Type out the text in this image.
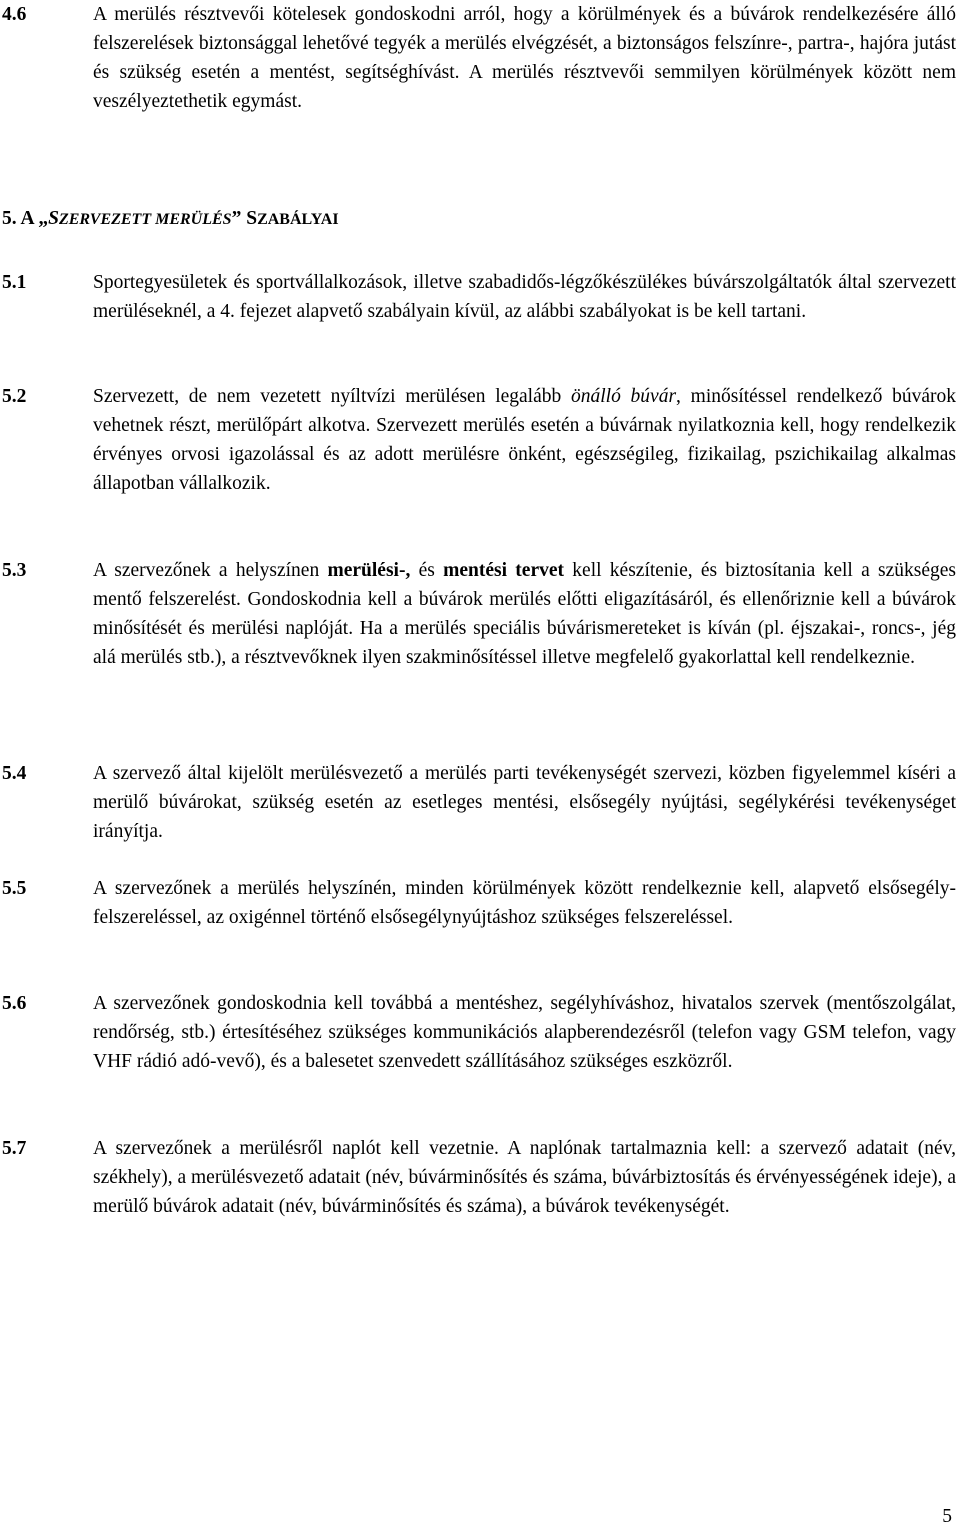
4.6	A merülés résztvevői kötelesek gondoskodni arról, hogy a körülmények és a búvárok rendelkezésére álló felszerelések biztonsággal lehetővé tegyék a merülés elvégzését, a biztonságos felszínre-, partra-, hajóra jutást és szükség esetén a mentést, segítséghívást. A merülés résztvevői semmilyen körülmények között nem veszélyeztethetik egymást.
5. A „SZERVEZETT MERÜLÉS” SZABÁLYAI
5.1	Sportegyesületek és sportvállalkozások, illetve szabadidős-légzőkészülékes búvárszolgáltatók által szervezett merüléseknél, a 4. fejezet alapvető szabályain kívül, az alábbi szabályokat is be kell tartani.
5.2	Szervezett, de nem vezetett nyíltvízi merülésen legalább önálló búvár, minősítéssel rendelkező búvárok vehetnek részt, merülőpárt alkotva. Szervezett merülés esetén a búvárnak nyilatkoznia kell, hogy rendelkezik érvényes orvosi igazolással és az adott merülésre önként, egészségileg, fizikailag, pszichikailag alkalmas állapotban vállalkozik.
5.3	A szervezőnek a helyszínen merülési-, és mentési tervet kell készítenie, és biztosítania kell a szükséges mentő felszerelést. Gondoskodnia kell a búvárok merülés előtti eligazításáról, és ellenőriznie kell a búvárok minősítését és merülési naplóját. Ha a merülés speciális búvárismereteket is kíván (pl. éjszakai-, roncs-, jég alá merülés stb.), a résztvevőknek ilyen szakminősítéssel illetve megfelelő gyakorlattal kell rendelkeznie.
5.4	A szervező által kijelölt merülésvezető a merülés parti tevékenységét szervezi, közben figyelemmel kíséri a merülő búvárokat, szükség esetén az esetleges mentési, elsősegély nyújtási, segélykérési tevékenységet irányítja.
5.5	A szervezőnek a merülés helyszínén, minden körülmények között rendelkeznie kell, alapvető elsősegély-felszereléssel, az oxigénnel történő elsősegélynyújtáshoz szükséges felszereléssel.
5.6	A szervezőnek gondoskodnia kell továbbá a mentéshez, segélyhíváshoz, hivatalos szervek (mentőszolgálat, rendőrség, stb.) értesítéséhez szükséges kommunikációs alapberendezésről (telefon vagy GSM telefon, vagy VHF rádió adó-vevő), és a balesetet szenvedett szállításához szükséges eszközről.
5.7	A szervezőnek a merülésről naplót kell vezetnie. A naplónak tartalmaznia kell: a szervező adatait (név, székhely), a merülésvezető adatait (név, búvárminősítés és száma, búvárbiztosítás és érvényességének ideje), a merülő búvárok adatait (név, búvárminősítés és száma), a búvárok tevékenységét.
5
